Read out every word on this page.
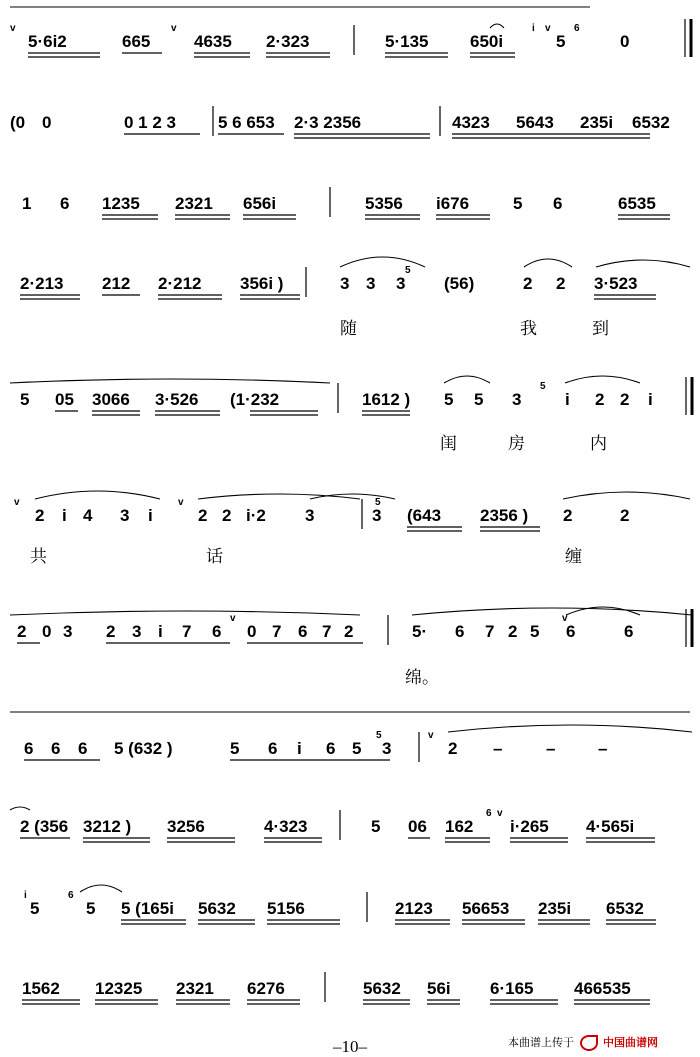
5·6i2	665	4635 2·323	5·135 650i	5	0
(0 0	0 1 2 3 5 6 653 2·3 2356	4323 5643 235i 6532
1 6 1235 2321 656i	5356 i676	5 6	6535
2·213 212 2·212 356i )	3 3 3 (56)	2 2 3·523
随	我	到
5 05 3066 3·526 (1·232	1612 ) 5 5 3	i 2 2 i
闺	房	内
2 i 4 3 i	2 2 i·2 3	3 (643 2356 ) 2	2
共	话	缠
2 0 3 2 3 i 7 6 0 7 6 7 2	5· 6 7 2 5 6	6
绵。
6 6 6 5 (632 )	5 6 i 6 5 3	2 –	–	–
2 (356 3212 ) 3256	4·323	5 06 162 i·265 4·565i
5	5 5 (165i 5632 5156	2123 56653 235i 6532
1562 12325 2321 6276	5632 56i 6·165 466535
i	6
5
5
5
5
6
i	6
v	v
v	v
v
v
v
v
v
–10–	本曲谱上传于	中国曲谱网
